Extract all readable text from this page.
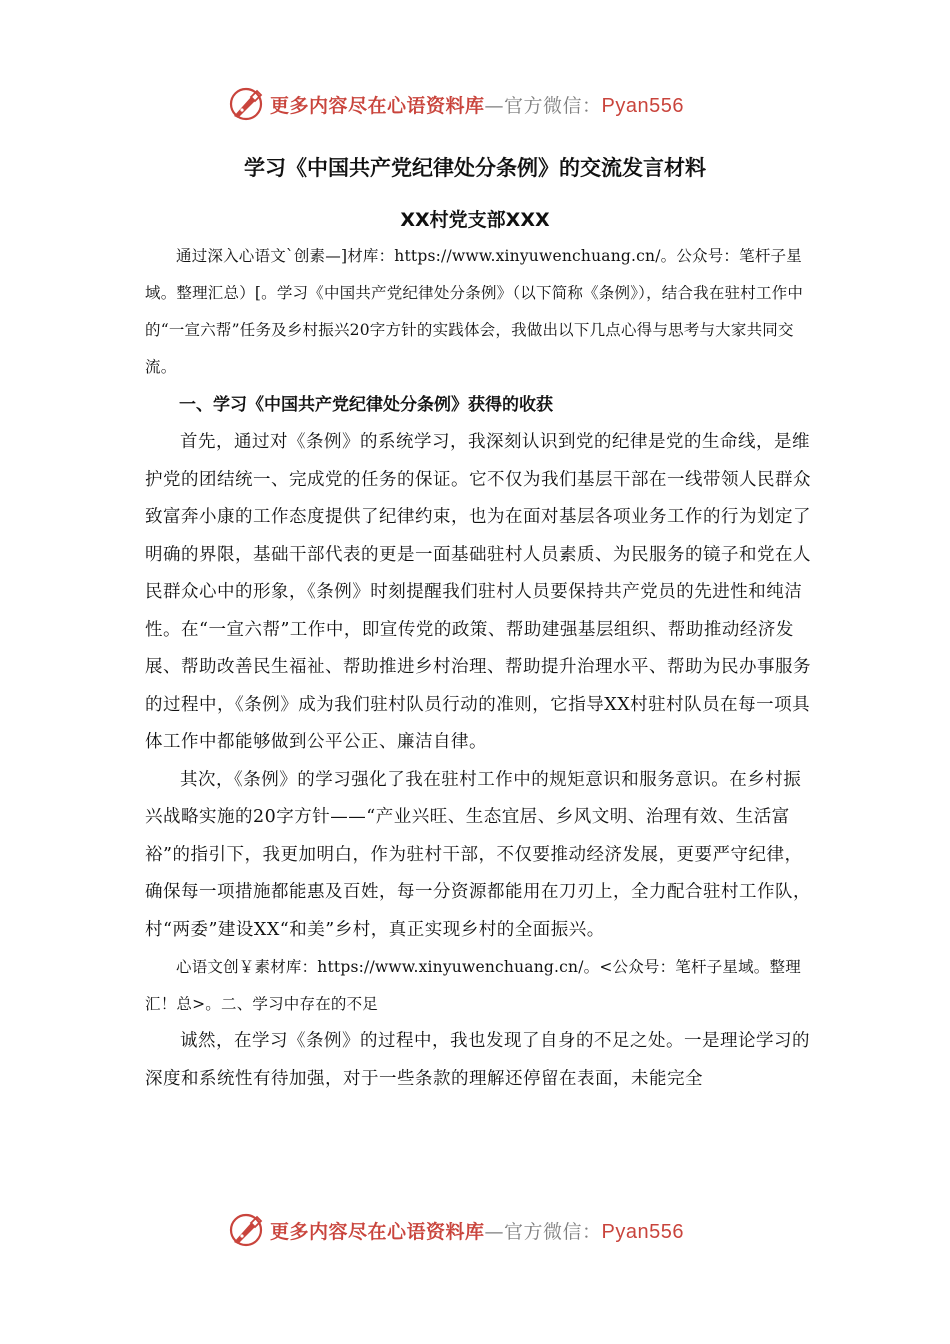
更多内容尽在心语资料库—官方微信：Pyan556
学习《中国共产党纪律处分条例》的交流发言材料
XX村党支部XXX

通过深入心语文`创素—]材库：https://www.xinyuwenchuang.cn/。公众号：笔杆子星域。整理汇总）[。学习《中国共产党纪律处分条例》（以下简称《条例》），结合我在驻村工作中的“一宣六帮”任务及乡村振兴20字方针的实践体会，我做出以下几点心得与思考与大家共同交流。

一、学习《中国共产党纪律处分条例》获得的收获

首先，通过对《条例》的系统学习，我深刻认识到党的纪律是党的生命线，是维护党的团结统一、完成党的任务的保证。它不仅为我们基层干部在一线带领人民群众致富奔小康的工作态度提供了纪律约束，也为在面对基层各项业务工作的行为划定了明确的界限，基础干部代表的更是一面基础驻村人员素质、为民服务的镜子和党在人民群众心中的形象，《条例》时刻提醒我们驻村人员要保持共产党员的先进性和纯洁性。在“一宣六帮”工作中，即宣传党的政策、帮助建强基层组织、帮助推动经济发展、帮助改善民生福祉、帮助推进乡村治理、帮助提升治理水平、帮助为民办事服务的过程中，《条例》成为我们驻村队员行动的准则，它指导XX村驻村队员在每一项具体工作中都能够做到公平公正、廉洁自律。

其次，《条例》的学习强化了我在驻村工作中的规矩意识和服务意识。在乡村振兴战略实施的20字方针——“产业兴旺、生态宜居、乡风文明、治理有效、生活富裕”的指引下，我更加明白，作为驻村干部，不仅要推动经济发展，更要严守纪律，确保每一项措施都能惠及百姓，每一分资源都能用在刀刃上，全力配合驻村工作队，村“两委”建设XX“和美”乡村，真正实现乡村的全面振兴。

心语文创￥素材库：https://www.xinyuwenchuang.cn/。<公众号：笔杆子星域。整理汇！总>。二、学习中存在的不足

诚然，在学习《条例》的过程中，我也发现了自身的不足之处。一是理论学习的深度和系统性有待加强，对于一些条款的理解还停留在表面，未能完全

更多内容尽在心语资料库—官方微信：Pyan556
